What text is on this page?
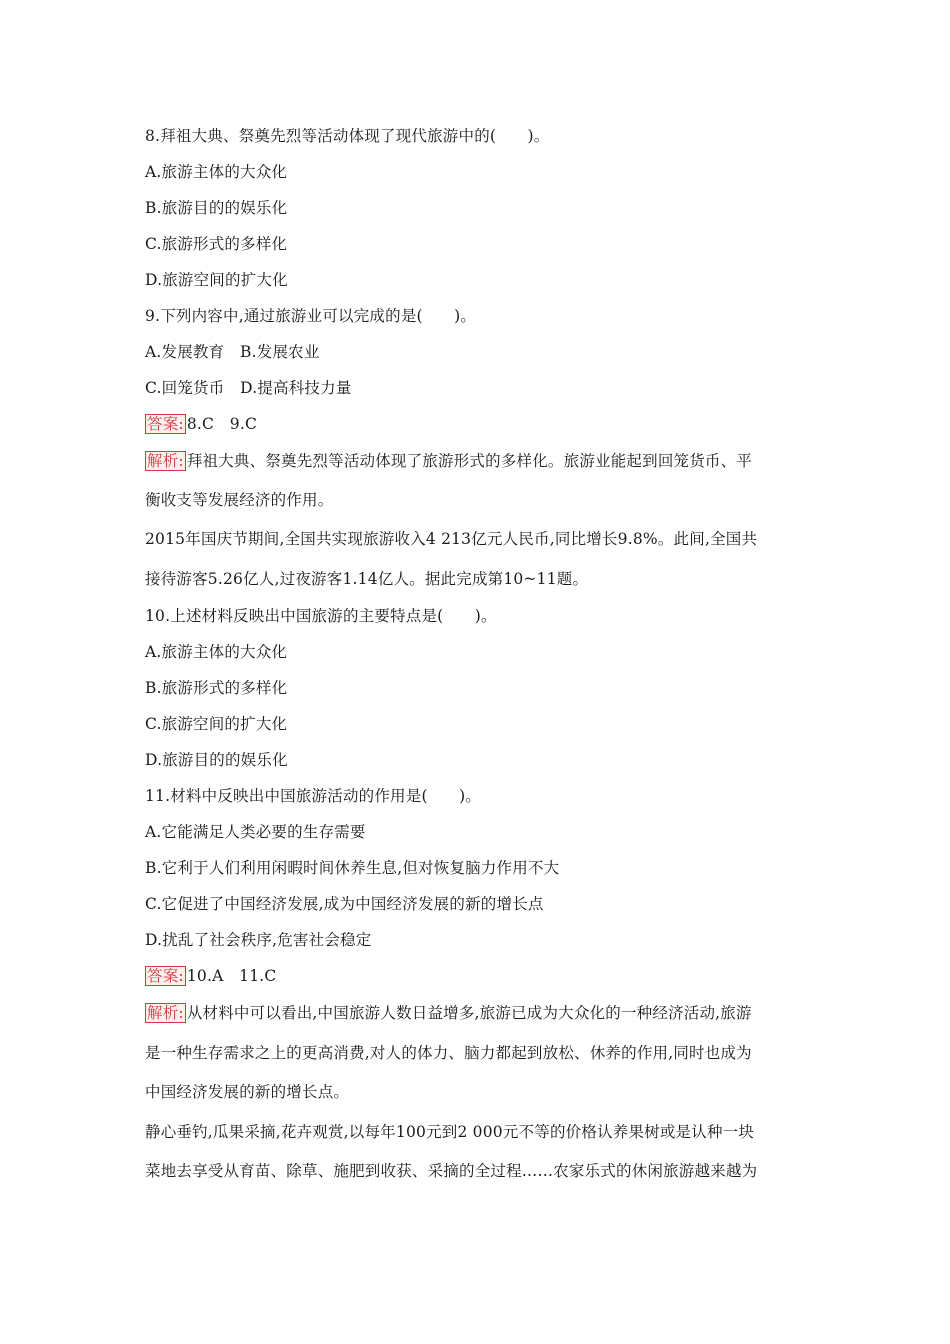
8.拜祖大典、祭奠先烈等活动体现了现代旅游中的(　　)。
A.旅游主体的大众化
B.旅游目的的娱乐化
C.旅游形式的多样化
D.旅游空间的扩大化
9.下列内容中,通过旅游业可以完成的是(　　)。
A.发展教育　B.发展农业
C.回笼货币　D.提高科技力量
答案: 8.C　9.C
解析: 拜祖大典、祭奠先烈等活动体现了旅游形式的多样化。旅游业能起到回笼货币、平
衡收支等发展经济的作用。
2015年国庆节期间,全国共实现旅游收入4 213亿元人民币,同比增长9.8%。此间,全国共
接待游客5.26亿人,过夜游客1.14亿人。据此完成第10~11题。
10.上述材料反映出中国旅游的主要特点是(　　)。
A.旅游主体的大众化
B.旅游形式的多样化
C.旅游空间的扩大化
D.旅游目的的娱乐化
11.材料中反映出中国旅游活动的作用是(　　)。
A.它能满足人类必要的生存需要
B.它利于人们利用闲暇时间休养生息,但对恢复脑力作用不大
C.它促进了中国经济发展,成为中国经济发展的新的增长点
D.扰乱了社会秩序,危害社会稳定
答案: 10.A　11.C
解析: 从材料中可以看出,中国旅游人数日益增多,旅游已成为大众化的一种经济活动,旅游
是一种生存需求之上的更高消费,对人的体力、脑力都起到放松、休养的作用,同时也成为
中国经济发展的新的增长点。
静心垂钓,瓜果采摘,花卉观赏,以每年100元到2 000元不等的价格认养果树或是认种一块
菜地去享受从育苗、除草、施肥到收获、采摘的全过程……农家乐式的休闲旅游越来越为
